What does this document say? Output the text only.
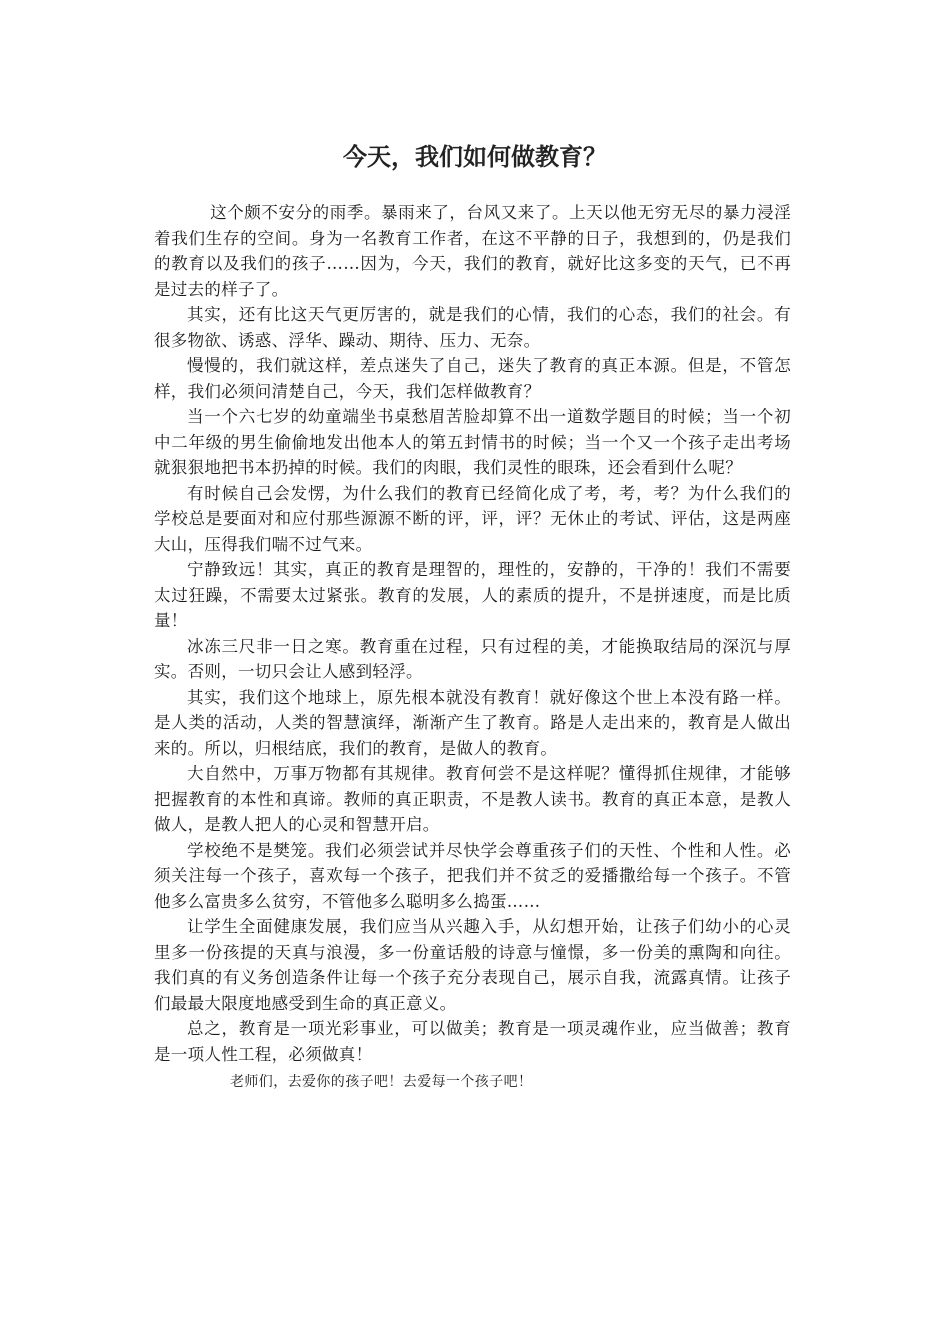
今天，我们如何做教育？

这个颇不安分的雨季。暴雨来了，台风又来了。上天以他无穷无尽的暴力浸淫着我们生存的空间。身为一名教育工作者，在这不平静的日子，我想到的，仍是我们的教育以及我们的孩子……因为，今天，我们的教育，就好比这多变的天气，已不再是过去的样子了。

其实，还有比这天气更厉害的，就是我们的心情，我们的心态，我们的社会。有很多物欲、诱惑、浮华、躁动、期待、压力、无奈。

慢慢的，我们就这样，差点迷失了自己，迷失了教育的真正本源。但是，不管怎样，我们必须问清楚自己，今天，我们怎样做教育？

当一个六七岁的幼童端坐书桌愁眉苦脸却算不出一道数学题目的时候；当一个初中二年级的男生偷偷地发出他本人的第五封情书的时候；当一个又一个孩子走出考场就狠狠地把书本扔掉的时候。我们的肉眼，我们灵性的眼珠，还会看到什么呢？

有时候自己会发愣，为什么我们的教育已经简化成了考，考，考？为什么我们的学校总是要面对和应付那些源源不断的评，评，评？无休止的考试、评估，这是两座大山，压得我们喘不过气来。

宁静致远！其实，真正的教育是理智的，理性的，安静的，干净的！我们不需要太过狂躁，不需要太过紧张。教育的发展，人的素质的提升，不是拼速度，而是比质量！

冰冻三尺非一日之寒。教育重在过程，只有过程的美，才能换取结局的深沉与厚实。否则，一切只会让人感到轻浮。

其实，我们这个地球上，原先根本就没有教育！就好像这个世上本没有路一样。是人类的活动，人类的智慧演绎，渐渐产生了教育。路是人走出来的，教育是人做出来的。所以，归根结底，我们的教育，是做人的教育。

大自然中，万事万物都有其规律。教育何尝不是这样呢？懂得抓住规律，才能够把握教育的本性和真谛。教师的真正职责，不是教人读书。教育的真正本意，是教人做人，是教人把人的心灵和智慧开启。

学校绝不是樊笼。我们必须尝试并尽快学会尊重孩子们的天性、个性和人性。必须关注每一个孩子，喜欢每一个孩子，把我们并不贫乏的爱播撒给每一个孩子。不管他多么富贵多么贫穷，不管他多么聪明多么捣蛋……

让学生全面健康发展，我们应当从兴趣入手，从幻想开始，让孩子们幼小的心灵里多一份孩提的天真与浪漫，多一份童话般的诗意与憧憬，多一份美的熏陶和向往。我们真的有义务创造条件让每一个孩子充分表现自己，展示自我，流露真情。让孩子们最最大限度地感受到生命的真正意义。

总之，教育是一项光彩事业，可以做美；教育是一项灵魂作业，应当做善；教育是一项人性工程，必须做真！

老师们，去爱你的孩子吧！去爱每一个孩子吧！
